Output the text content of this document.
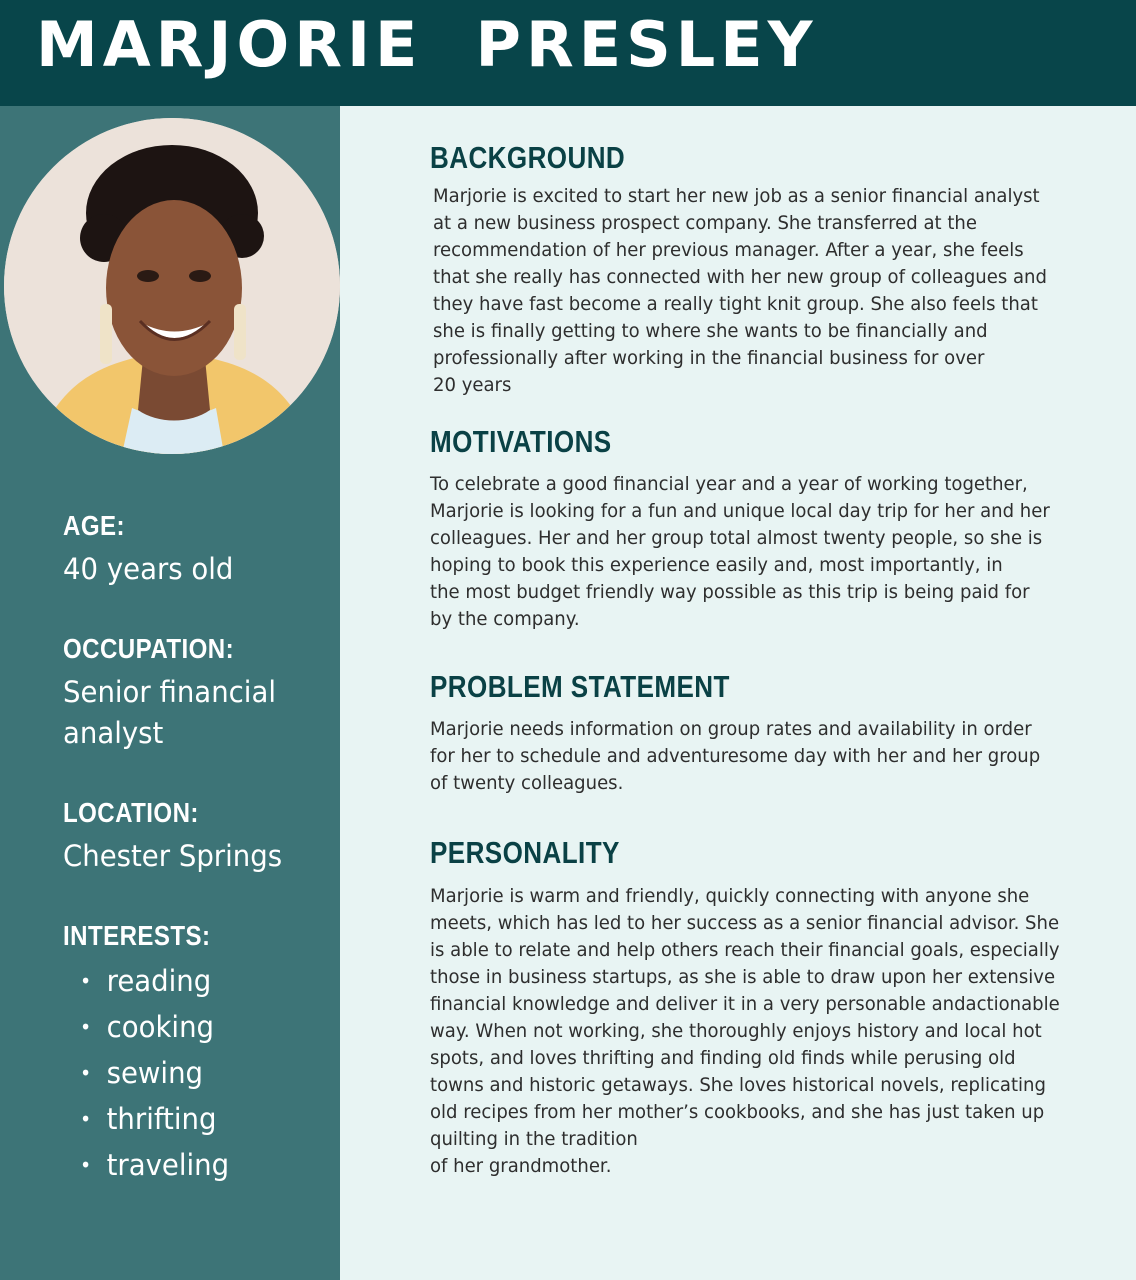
MARJORIE  PRESLEY
AGE:
40 years old
OCCUPATION:
Senior financial
analyst
LOCATION:
Chester Springs
INTERESTS:
• reading
• cooking
• sewing
• thrifting
• traveling
BACKGROUND
Marjorie is excited to start her new job as a senior financial analyst
at a new business prospect company. She transferred at the
recommendation of her previous manager. After a year, she feels
that she really has connected with her new group of colleagues and
they have fast become a really tight knit group. She also feels that
she is finally getting to where she wants to be financially and
professionally after working in the financial business for over
20 years
MOTIVATIONS
To celebrate a good financial year and a year of working together,
Marjorie is looking for a fun and unique local day trip for her and her
colleagues. Her and her group total almost twenty people, so she is
hoping to book this experience easily and, most importantly, in
the most budget friendly way possible as this trip is being paid for
by the company.
PROBLEM STATEMENT
Marjorie needs information on group rates and availability in order
for her to schedule and adventuresome day with her and her group
of twenty colleagues.
PERSONALITY
Marjorie is warm and friendly, quickly connecting with anyone she
meets, which has led to her success as a senior financial advisor. She
is able to relate and help others reach their financial goals, especially
those in business startups, as she is able to draw upon her extensive
financial knowledge and deliver it in a very personable andactionable
way. When not working, she thoroughly enjoys history and local hot
spots, and loves thrifting and finding old finds while perusing old
towns and historic getaways. She loves historical novels, replicating
old recipes from her mother’s cookbooks, and she has just taken up
quilting in the tradition
of her grandmother.
